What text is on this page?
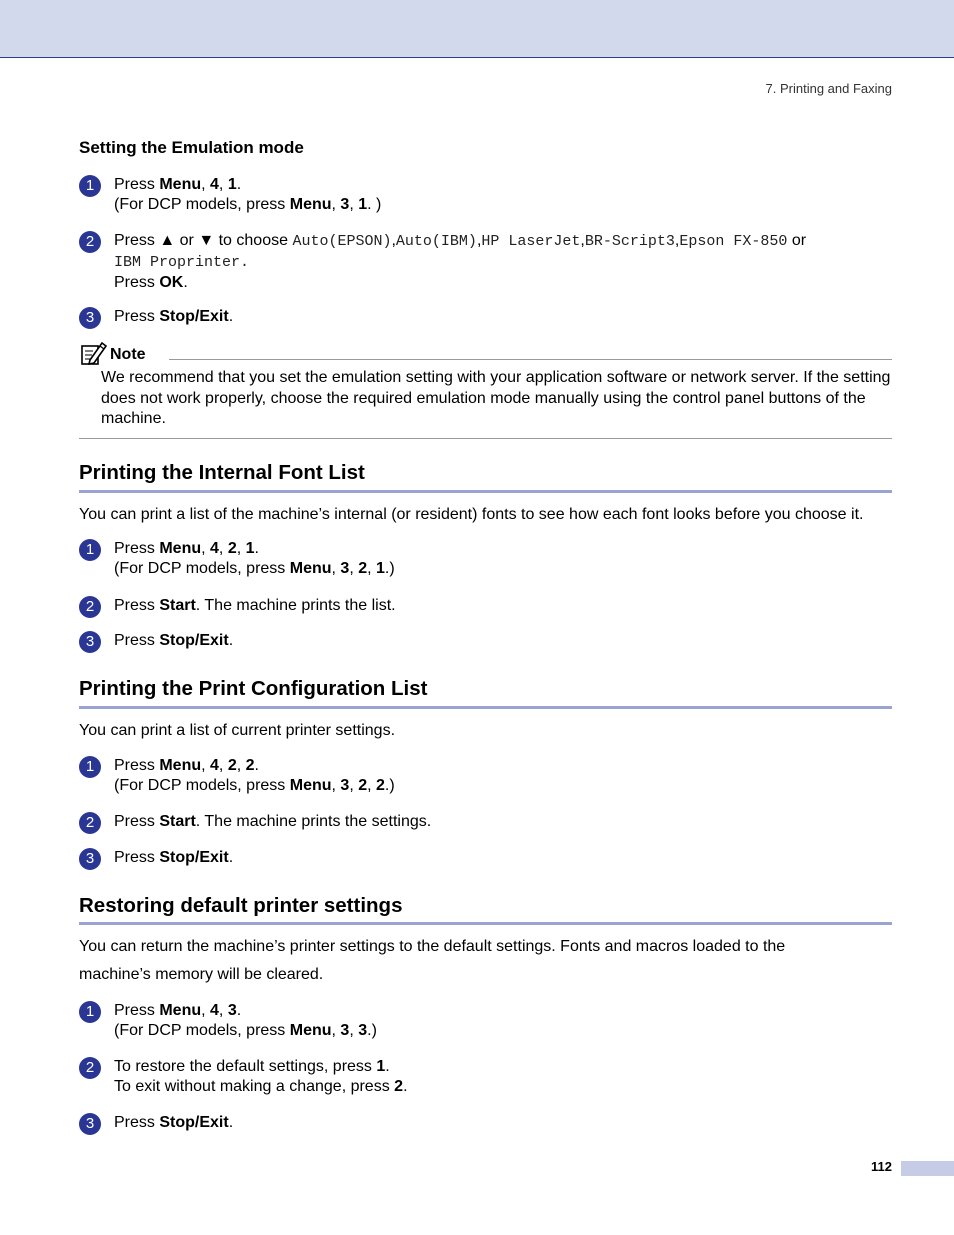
7. Printing and Faxing
Setting the Emulation mode
1	Press Menu, 4, 1.
(For DCP models, press Menu, 3, 1. )
2	Press ▲ or ▼ to choose Auto(EPSON),Auto(IBM),HP LaserJet,BR-Script3,Epson FX-850 or
IBM Proprinter.
Press OK.
3	Press Stop/Exit.
Note
We recommend that you set the emulation setting with your application software or network server. If the setting does not work properly, choose the required emulation mode manually using the control panel buttons of the machine.
Printing the Internal Font List
You can print a list of the machine’s internal (or resident) fonts to see how each font looks before you choose it.
1	Press Menu, 4, 2, 1.
(For DCP models, press Menu, 3, 2, 1.)
2	Press Start. The machine prints the list.
3	Press Stop/Exit.
Printing the Print Configuration List
You can print a list of current printer settings.
1	Press Menu, 4, 2, 2.
(For DCP models, press Menu, 3, 2, 2.)
2	Press Start. The machine prints the settings.
3	Press Stop/Exit.
Restoring default printer settings
You can return the machine’s printer settings to the default settings. Fonts and macros loaded to the
machine’s memory will be cleared.
1	Press Menu, 4, 3.
(For DCP models, press Menu, 3, 3.)
2	To restore the default settings, press 1.
To exit without making a change, press 2.
3	Press Stop/Exit.
112
